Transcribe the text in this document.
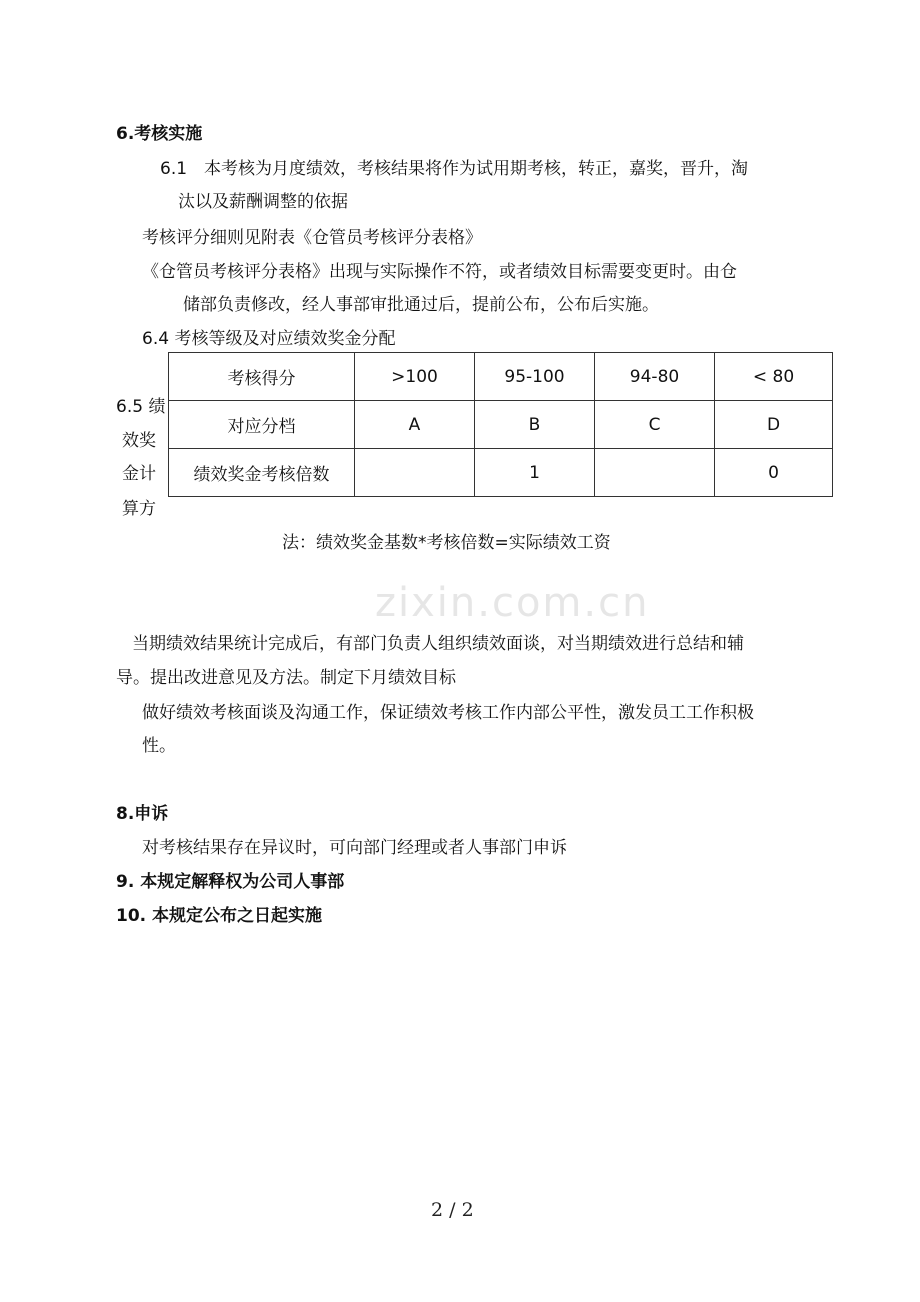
6.考核实施
6.1　本考核为月度绩效，考核结果将作为试用期考核，转正，嘉奖，晋升，淘
汰以及薪酬调整的依据
考核评分细则见附表《仓管员考核评分表格》
《仓管员考核评分表格》出现与实际操作不符，或者绩效目标需要变更时。由仓
储部负责修改，经人事部审批通过后，提前公布，公布后实施。
6.4 考核等级及对应绩效奖金分配
6.5 绩
效奖
金计
算方
考核得分	>100	95-100	94-80	< 80
对应分档	A	B	C	D
绩效奖金考核倍数		1		0
法：绩效奖金基数*考核倍数=实际绩效工资
zixin.com.cn
当期绩效结果统计完成后，有部门负责人组织绩效面谈，对当期绩效进行总结和辅
导。提出改进意见及方法。制定下月绩效目标
做好绩效考核面谈及沟通工作，保证绩效考核工作内部公平性，激发员工工作积极
性。
8.申诉
对考核结果存在异议时，可向部门经理或者人事部门申诉
9. 本规定解释权为公司人事部
10. 本规定公布之日起实施
2 / 2
